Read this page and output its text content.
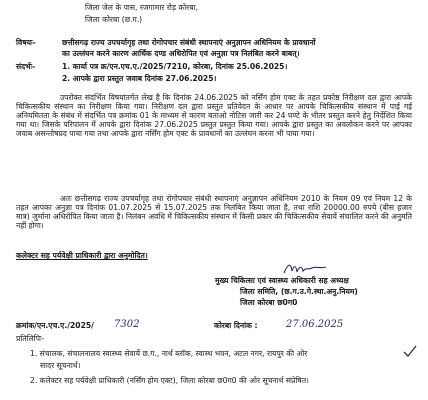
जिला जेल के पास, रजगामार रोड़ कोरबा,
जिला कोरबा (छ.ग.)
विषयः-	छत्तीसगढ़ राज्य उपचर्यागृह तथा रोगोपचार संबंधी स्थापनाएं अनुज्ञापन अधिनियम के प्रावधानों
का उल्लंघन करने कारण आर्थिक दण्ड अधिरोपित एवं अनुज्ञा पत्र निलंबित करने बाबत्।
संदर्भः-	1. कार्या पत्र क्र/एन.एच.ए./2025/7210, कोरबा, दिनांक 25.06.2025।
2. आपके द्वारा प्रस्तुत जवाब दिनांक 27.06.2025।
उपरोक्त संदर्भित विषयांतर्गत लेख है कि दिनांक 24.06.2025 को नर्सिंग होम एक्ट के तहत प्रकोष्ठ निरीक्षण दल द्वारा आपके चिकित्सकीय संस्थान का निरीक्षण किया गया। निरीक्षण दल द्वारा प्रस्तुत प्रतिवेदन के आधार पर आपके चिकित्सकीय संस्थान में पाई गई अनियमितता के संबंध में संदर्भित पत्र क्रमांक 01 के माध्यम से कारण बताओ नोटिस जारी कर 24 घण्टे के भीतर प्रस्तुत करने हेतु निर्देशित किया गया था। जिसके परिपालन में आपके द्वारा दिनांक 27.06.2025 प्रस्तुत प्रस्तुत किया गया। आपके द्वारा प्रस्तुत का अवलोकन करने पर आपका जवाब असन्तोषप्रद पाया गया तथा आपके द्वारा नर्सिंग होम एक्ट के प्रावधानों का उल्लंघन करना भी पाया गया।
अतः छत्तीसगढ़ राज्य उपचर्यागृह तथा रोगोपचार संबंधी स्थापनाएं अनुज्ञापन अधिनियम 2010 के नियम 09 एवं नियम 12 के तहत आपका अनुज्ञा पत्र दिनांक 01.07.2025 से 15.07.2025 तक निलंबित किया जाता है, तथा राशि 20000.00 रुपये (बीस हजार मात्र) जुर्माना अधिरोपित किया जाता है। निलंबन अवधि में चिकित्सकीय संस्थान में किसी प्रकार की चिकित्सकीय सेवायें संचालित करने की अनुमति नहीं होगा।
कलेक्टर सह पर्यवेक्षी प्राधिकारी द्वारा अनुमोदित।
मुख्य चिकित्सा एवं स्वास्थ्य अधिकारी सह अध्यक्ष
जिला समिति, (छ.ग.उ.गे.स्था.अनु.नियम)
जिला कोरबा छ0ग0
क्रमांक/एन.एच.ए./2025/ 7302	कोरबा दिनांक :	27.06.2025
प्रतिलिपिः-
1. संचालक, संचालनालय स्वास्थ्य सेवायें छ.ग., नार्थ ब्लॉक, स्वास्थ भवन, अटल नगर, रायपुर की ओर
सादर सूचनार्थ।
2. कलेक्टर सह पर्यवेक्षी प्राधिकारी (नर्सिंग होम एक्ट), जिला कोरबा छ0ग0 की ओर सूचनार्थ संप्रेषित।
